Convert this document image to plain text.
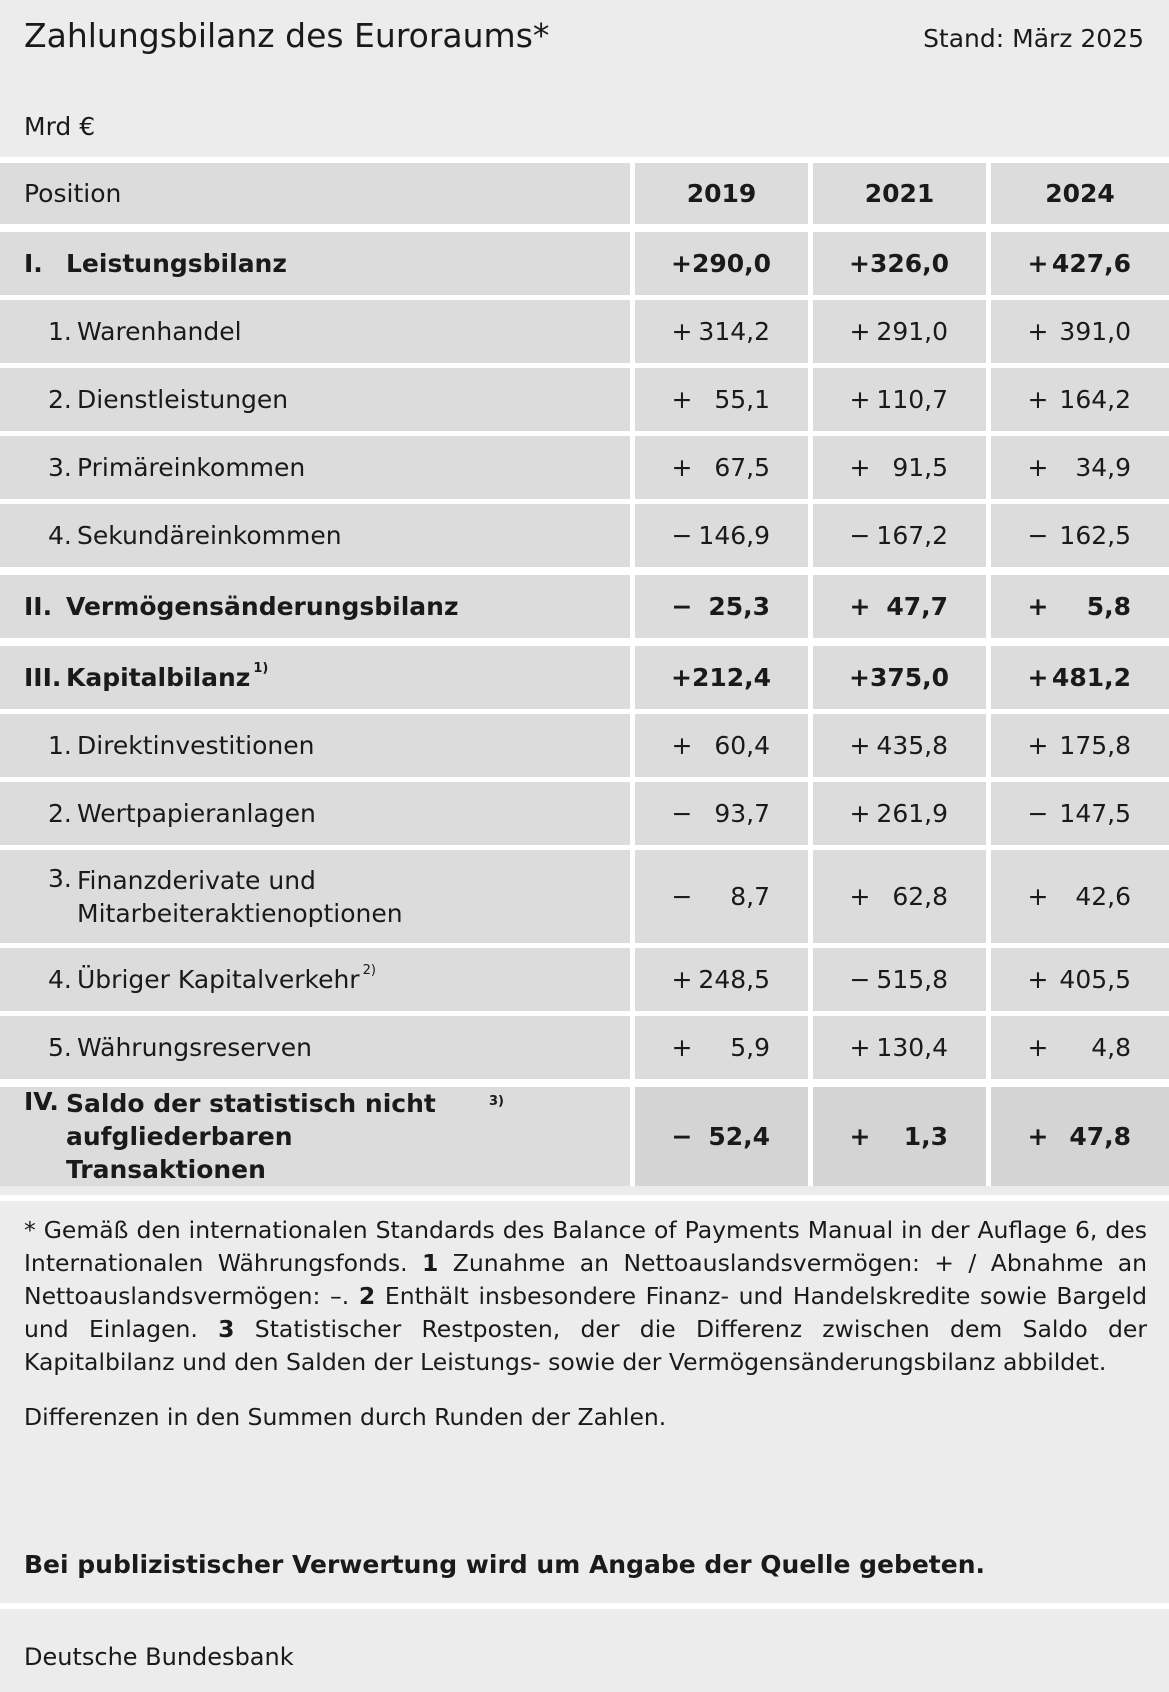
Zahlungsbilanz des Euroraums*	Stand: März 2025
Mrd €
Position	2019	2021	2024

I. Leistungsbilanz	+ 290,0	+ 326,0	+ 427,6

1. Warenhandel	+ 314,2	+ 291,0	+ 391,0

2. Dienstleistungen	+ 55,1	+ 110,7	+ 164,2

3. Primäreinkommen	+ 67,5	+ 91,5	+ 34,9

4. Sekundäreinkommen	− 146,9	− 167,2	− 162,5

II. Vermögensänderungsbilanz	− 25,3	+ 47,7	+ 5,8

III. Kapitalbilanz $^{1)}$	+ 212,4	+ 375,0	+ 481,2

1. Direktinvestitionen	+ 60,4	+ 435,8	+ 175,8

2. Wertpapieranlagen	− 93,7	+ 261,9	− 147,5

3. Finanzderivate und Mitarbeiteraktienoptionen	− 8,7	+ 62,8	+ 42,6

4. Übriger Kapitalverkehr $^{2)}$	+ 248,5	− 515,8	+ 405,5

5. Währungsreserven	+ 5,9	+ 130,4	+ 4,8

IV. Saldo der statistisch nicht aufgliederbaren Transaktionen$^{3)}$	− 52,4	+ 1,3	+ 47,8
* Gemäß den internationalen Standards des Balance of Payments Manual in der Auflage 6, des Internationalen Währungsfonds. 1 Zunahme an Nettoauslandsvermögen: + / Abnahme an Nettoauslandsvermögen: –. 2 Enthält insbesondere Finanz- und Handelskredite sowie Bargeld und Einlagen. 3 Statistischer Restposten, der die Differenz zwischen dem Saldo der Kapitalbilanz und den Salden der Leistungs- sowie der Vermögensänderungsbilanz abbildet.
Differenzen in den Summen durch Runden der Zahlen.
Bei publizistischer Verwertung wird um Angabe der Quelle gebeten.
Deutsche Bundesbank
